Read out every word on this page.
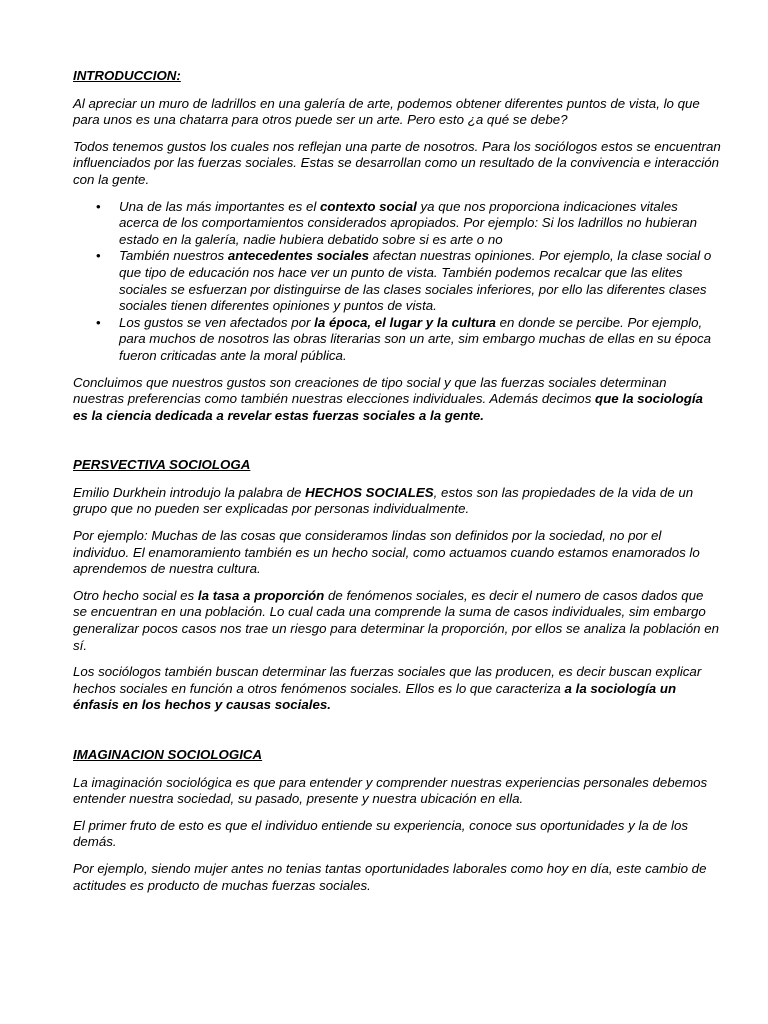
INTRODUCCION:

Al apreciar un muro de ladrillos en una galería de arte, podemos obtener diferentes puntos de vista, lo que para unos es una chatarra para otros puede ser un arte. Pero esto ¿a qué se debe?

Todos tenemos gustos los cuales nos reflejan una parte de nosotros. Para los sociólogos estos se encuentran influenciados por las fuerzas sociales. Estas se desarrollan como un resultado de la convivencia e interacción con la gente.

• Una de las más importantes es el contexto social ya que nos proporciona indicaciones vitales acerca de los comportamientos considerados apropiados. Por ejemplo: Si los ladrillos no hubieran estado en la galería, nadie hubiera debatido sobre si es arte o no
• También nuestros antecedentes sociales afectan nuestras opiniones. Por ejemplo, la clase social o que tipo de educación nos hace ver un punto de vista. También podemos recalcar que las elites sociales se esfuerzan por distinguirse de las clases sociales inferiores, por ello las diferentes clases sociales tienen diferentes opiniones y puntos de vista.
• Los gustos se ven afectados por la época, el lugar y la cultura en donde se percibe. Por ejemplo, para muchos de nosotros las obras literarias son un arte, sim embargo muchas de ellas en su época fueron criticadas ante la moral pública.

Concluimos que nuestros gustos son creaciones de tipo social y que las fuerzas sociales determinan nuestras preferencias como también nuestras elecciones individuales. Además decimos que la sociología es la ciencia dedicada a revelar estas fuerzas sociales a la gente.

PERSVECTIVA SOCIOLOGA

Emilio Durkhein introdujo la palabra de HECHOS SOCIALES, estos son las propiedades de la vida de un grupo que no pueden ser explicadas por personas individualmente.

Por ejemplo: Muchas de las cosas que consideramos lindas son definidos por la sociedad, no por el individuo. El enamoramiento también es un hecho social, como actuamos cuando estamos enamorados lo aprendemos de nuestra cultura.

Otro hecho social es la tasa a proporción de fenómenos sociales, es decir el numero de casos dados que se encuentran en una población. Lo cual cada una comprende la suma de casos individuales, sim embargo generalizar pocos casos nos trae un riesgo para determinar la proporción, por ellos se analiza la población en sí.

Los sociólogos también buscan determinar las fuerzas sociales que las producen, es decir buscan explicar hechos sociales en función a otros fenómenos sociales. Ellos es lo que caracteriza a la sociología un énfasis en los hechos y causas sociales.

IMAGINACION SOCIOLOGICA

La imaginación sociológica es que para entender y comprender nuestras experiencias personales debemos entender nuestra sociedad, su pasado, presente y nuestra ubicación en ella.

El primer fruto de esto es que el individuo entiende su experiencia, conoce sus oportunidades y la de los demás.

Por ejemplo, siendo mujer antes no tenias tantas oportunidades laborales como hoy en día, este cambio de actitudes es producto de muchas fuerzas sociales.
